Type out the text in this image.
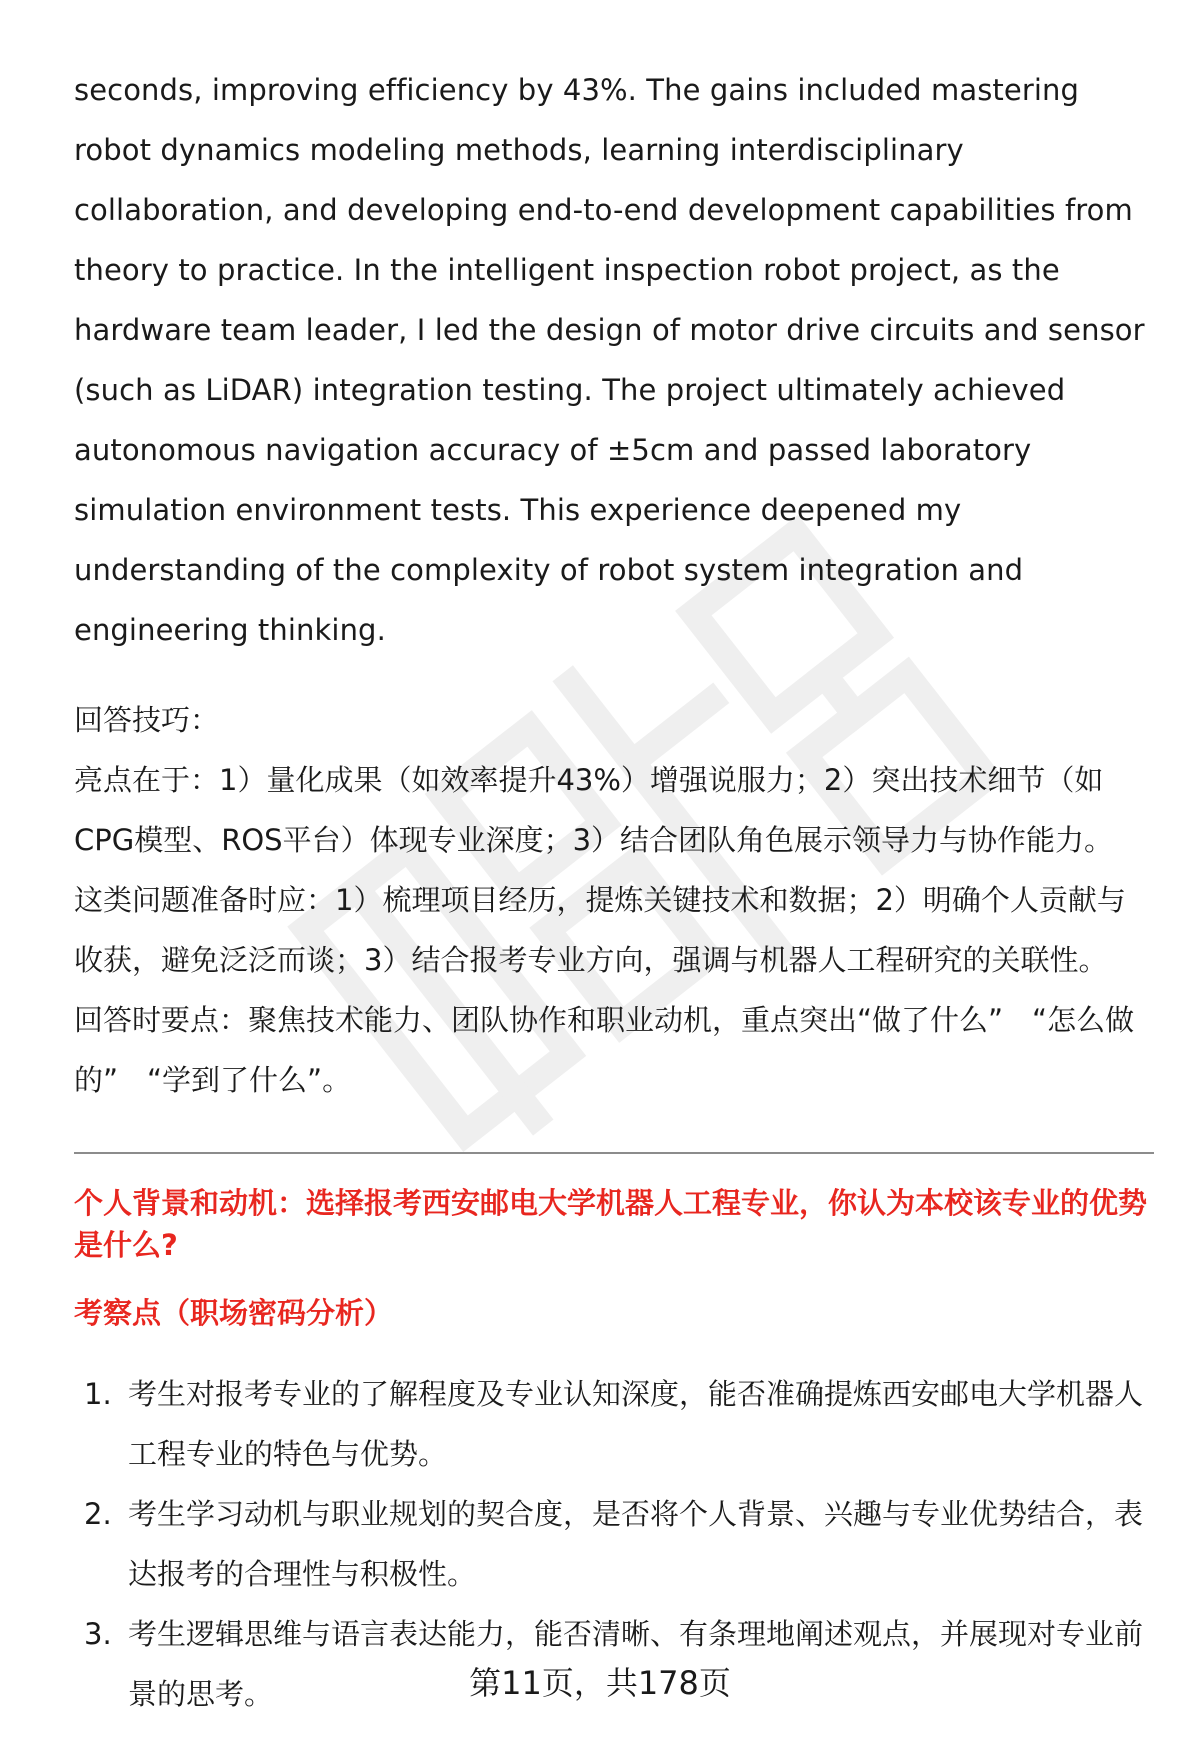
seconds, improving efficiency by 43%. The gains included mastering robot dynamics modeling methods, learning interdisciplinary collaboration, and developing end-to-end development capabilities from theory to practice. In the intelligent inspection robot project, as the hardware team leader, I led the design of motor drive circuits and sensor (such as LiDAR) integration testing. The project ultimately achieved autonomous navigation accuracy of ±5cm and passed laboratory simulation environment tests. This experience deepened my understanding of the complexity of robot system integration and engineering thinking.

回答技巧：

亮点在于：1）量化成果（如效率提升43%）增强说服力；2）突出技术细节（如CPG模型、ROS平台）体现专业深度；3）结合团队角色展示领导力与协作能力。

这类问题准备时应：1）梳理项目经历，提炼关键技术和数据；2）明确个人贡献与收获，避免泛泛而谈；3）结合报考专业方向，强调与机器人工程研究的关联性。

回答时要点：聚焦技术能力、团队协作和职业动机，重点突出“做了什么”　“怎么做的”　“学到了什么”。

个人背景和动机：选择报考西安邮电大学机器人工程专业，你认为本校该专业的优势是什么?

考察点（职场密码分析）

1. 考生对报考专业的了解程度及专业认知深度，能否准确提炼西安邮电大学机器人工程专业的特色与优势。
2. 考生学习动机与职业规划的契合度，是否将个人背景、兴趣与专业优势结合，表达报考的合理性与积极性。
3. 考生逻辑思维与语言表达能力，能否清晰、有条理地阐述观点，并展现对专业前景的思考。	第11页，共178页
